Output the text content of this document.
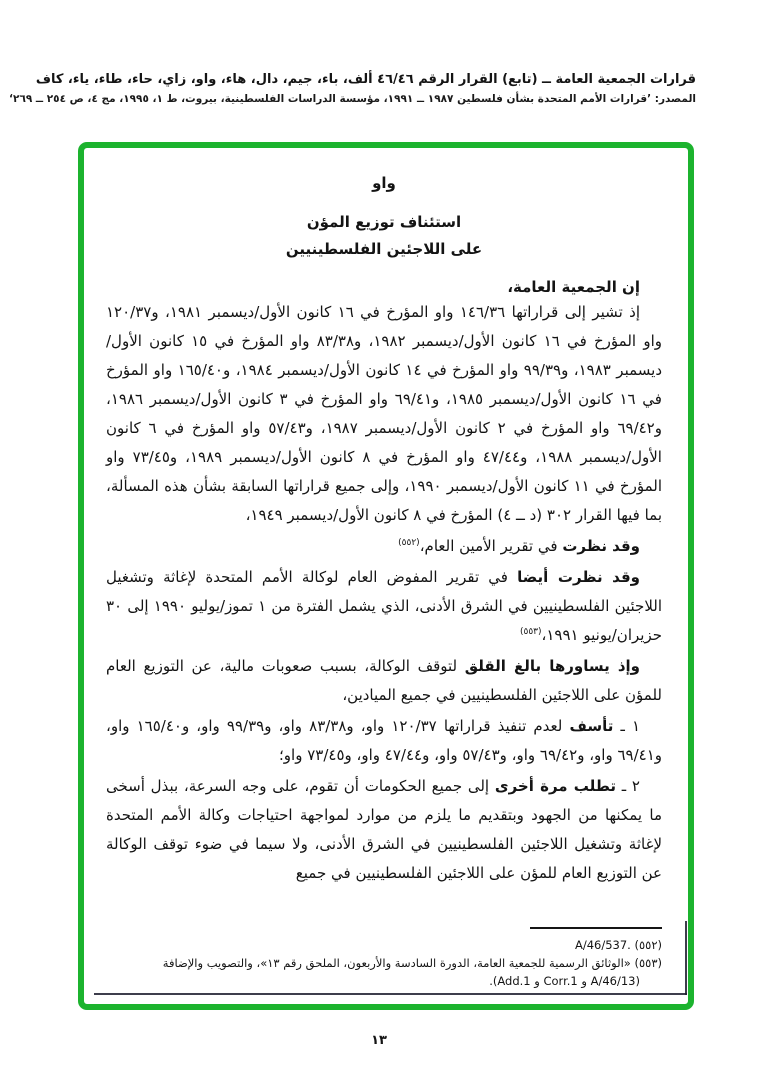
قرارات الجمعية العامة ــ (تابع) القرار الرقم ٤٦/٤٦ ألف، باء، جيم، دال، هاء، واو، زاي، حاء، طاء، ياء، كاف
المصدر: ’قرارات الأمم المتحدة بشأن فلسطين ١٩٨٧ ــ ١٩٩١، مؤسسة الدراسات الفلسطينية، بيروت، ط ١، ١٩٩٥، مج ٤، ص ٢٥٤ ــ ٢٦٩‘
واو
استئناف توزيع المؤن
على اللاجئين الفلسطينيين

إن الجمعية العامة،

إذ تشير إلى قراراتها ١٤٦/٣٦ واو المؤرخ في ١٦ كانون الأول/ديسمبر ١٩٨١، و١٢٠/٣٧ واو المؤرخ في ١٦ كانون الأول/ديسمبر ١٩٨٢، و٨٣/٣٨ واو المؤرخ في ١٥ كانون الأول/ديسمبر ١٩٨٣، و٩٩/٣٩ واو المؤرخ في ١٤ كانون الأول/ديسمبر ١٩٨٤، و١٦٥/٤٠ واو المؤرخ في ١٦ كانون الأول/ديسمبر ١٩٨٥، و٦٩/٤١ واو المؤرخ في ٣ كانون الأول/ديسمبر ١٩٨٦، و٦٩/٤٢ واو المؤرخ في ٢ كانون الأول/ديسمبر ١٩٨٧، و٥٧/٤٣ واو المؤرخ في ٦ كانون الأول/ديسمبر ١٩٨٨، و٤٧/٤٤ واو المؤرخ في ٨ كانون الأول/ديسمبر ١٩٨٩، و٧٣/٤٥ واو المؤرخ في ١١ كانون الأول/ديسمبر ١٩٩٠، وإلى جميع قراراتها السابقة بشأن هذه المسألة، بما فيها القرار ٣٠٢ (د ــ ٤) المؤرخ في ٨ كانون الأول/ديسمبر ١٩٤٩،

وقد نظرت في تقرير الأمين العام،$^{(٥٥٢)}$

وقد نظرت أيضا في تقرير المفوض العام لوكالة الأمم المتحدة لإغاثة وتشغيل اللاجئين الفلسطينيين في الشرق الأدنى، الذي يشمل الفترة من ١ تموز/يوليو ١٩٩٠ إلى ٣٠ حزيران/يونيو ١٩٩١،$^{(٥٥٣)}$

وإذ يساورها بالغ القلق لتوقف الوكالة، بسبب صعوبات مالية، عن التوزيع العام للمؤن على اللاجئين الفلسطينيين في جميع الميادين،

١ ـ تأسف لعدم تنفيذ قراراتها ١٢٠/٣٧ واو، و٨٣/٣٨ واو، و٩٩/٣٩ واو، و١٦٥/٤٠ واو، و٦٩/٤١ واو، و٦٩/٤٢ واو، و٥٧/٤٣ واو، و٤٧/٤٤ واو، و٧٣/٤٥ واو؛

٢ ـ تطلب مرة أخرى إلى جميع الحكومات أن تقوم، على وجه السرعة، ببذل أسخى ما يمكنها من الجهود وبتقديم ما يلزم من موارد لمواجهة احتياجات وكالة الأمم المتحدة لإغاثة وتشغيل اللاجئين الفلسطينيين في الشرق الأدنى، ولا سيما في ضوء توقف الوكالة عن التوزيع العام للمؤن على اللاجئين الفلسطينيين في جميع

(٥٥٢) A/46/537.‎
(٥٥٣) «الوثائق الرسمية للجمعية العامة، الدورة السادسة والأربعون، الملحق رقم ١٣»، والتصويب والإضافة (A/46/13 و Corr.1 و Add.1).‏
١٣
